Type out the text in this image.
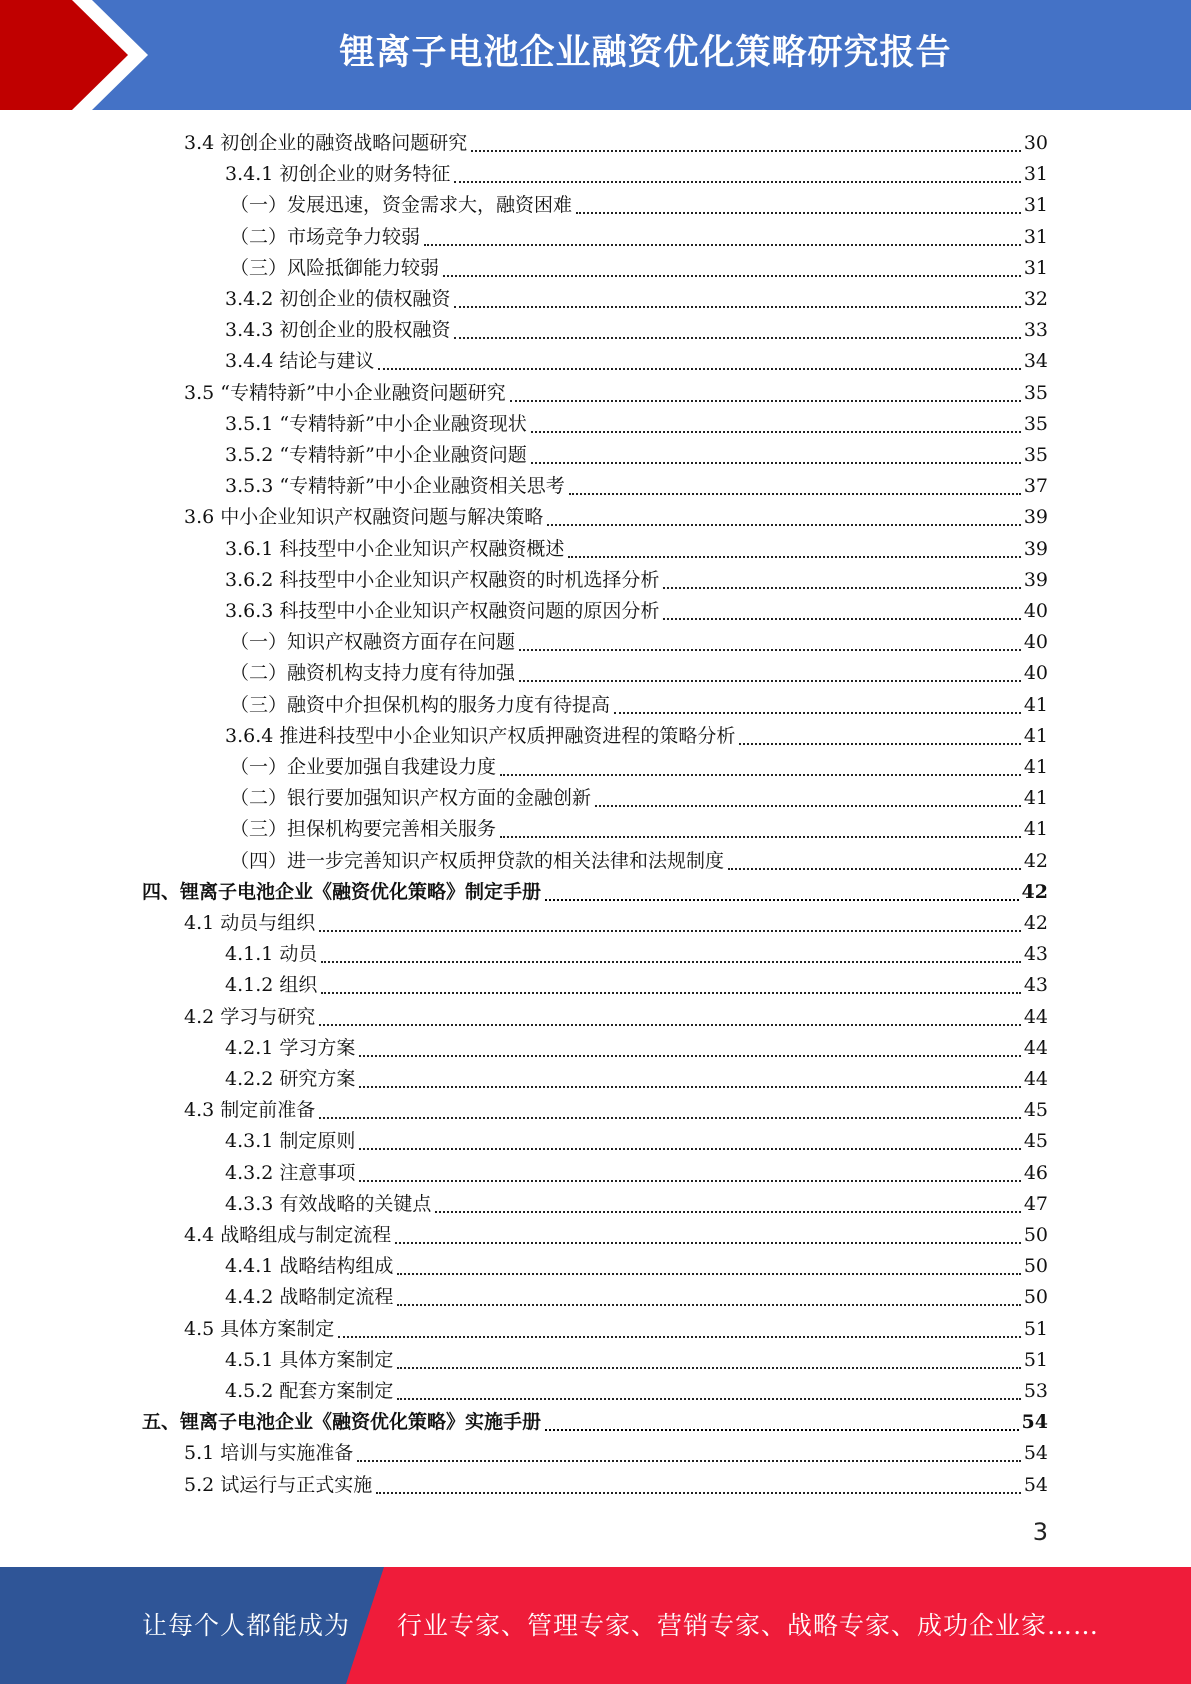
锂离子电池企业融资优化策略研究报告
3.4 初创企业的融资战略问题研究	30
3.4.1 初创企业的财务特征	31
（一）发展迅速，资金需求大，融资困难	31
（二）市场竞争力较弱	31
（三）风险抵御能力较弱	31
3.4.2 初创企业的债权融资	32
3.4.3 初创企业的股权融资	33
3.4.4 结论与建议	34
3.5 “专精特新”中小企业融资问题研究	35
3.5.1 “专精特新”中小企业融资现状	35
3.5.2 “专精特新”中小企业融资问题	35
3.5.3 “专精特新”中小企业融资相关思考	37
3.6 中小企业知识产权融资问题与解决策略	39
3.6.1 科技型中小企业知识产权融资概述	39
3.6.2 科技型中小企业知识产权融资的时机选择分析	39
3.6.3 科技型中小企业知识产权融资问题的原因分析	40
（一）知识产权融资方面存在问题	40
（二）融资机构支持力度有待加强	40
（三）融资中介担保机构的服务力度有待提高	41
3.6.4 推进科技型中小企业知识产权质押融资进程的策略分析	41
（一）企业要加强自我建设力度	41
（二）银行要加强知识产权方面的金融创新	41
（三）担保机构要完善相关服务	41
（四）进一步完善知识产权质押贷款的相关法律和法规制度	42
四、锂离子电池企业《融资优化策略》制定手册	42
4.1 动员与组织	42
4.1.1 动员	43
4.1.2 组织	43
4.2 学习与研究	44
4.2.1 学习方案	44
4.2.2 研究方案	44
4.3 制定前准备	45
4.3.1 制定原则	45
4.3.2 注意事项	46
4.3.3 有效战略的关键点	47
4.4 战略组成与制定流程	50
4.4.1 战略结构组成	50
4.4.2 战略制定流程	50
4.5 具体方案制定	51
4.5.1 具体方案制定	51
4.5.2 配套方案制定	53
五、锂离子电池企业《融资优化策略》实施手册	54
5.1 培训与实施准备	54
5.2 试运行与正式实施	54
3
让每个人都能成为 行业专家、管理专家、营销专家、战略专家、成功企业家……
